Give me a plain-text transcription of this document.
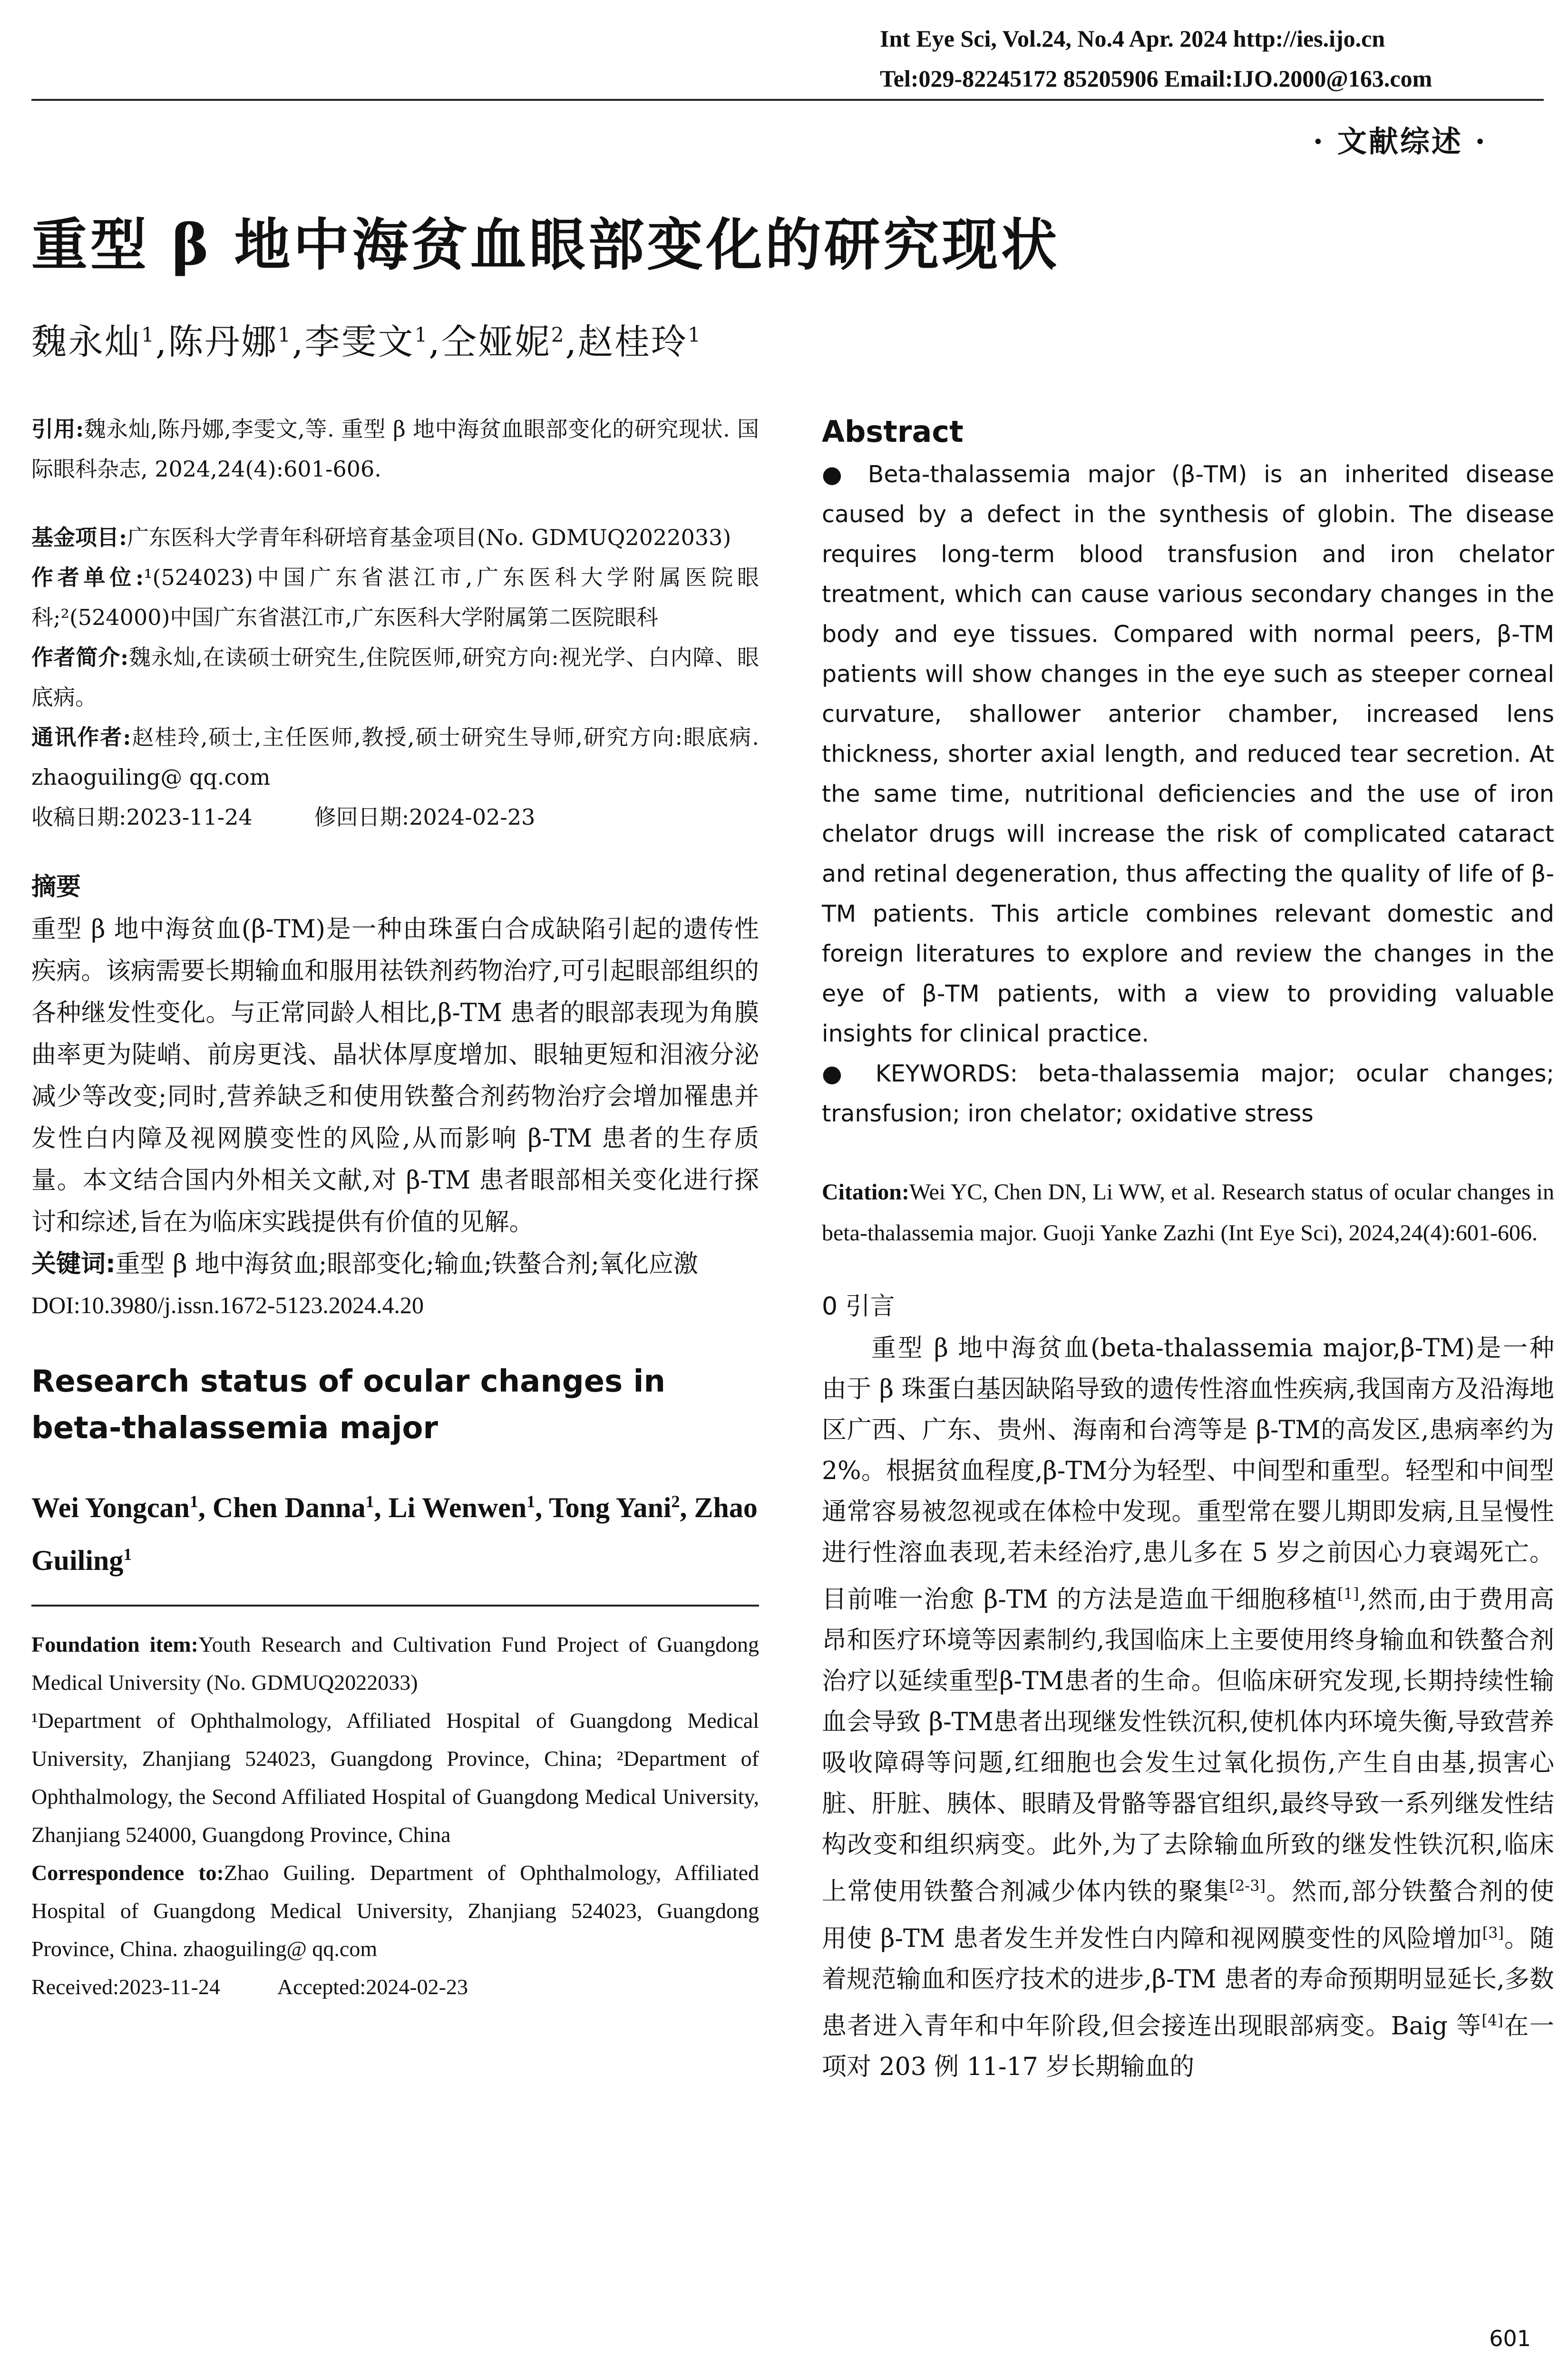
Int Eye Sci, Vol.24, No.4 Apr. 2024 http://ies.ijo.cn
Tel:029-82245172 85205906 Email:IJO.2000@163.com
· 文献综述 ·
重型 β 地中海贫血眼部变化的研究现状
魏永灿$^1$,陈丹娜$^1$,李雯文$^1$,仝娅妮$^2$,赵桂玲$^1$

引用:魏永灿,陈丹娜,李雯文,等. 重型 β 地中海贫血眼部变化的研究现状. 国际眼科杂志, 2024,24(4):601-606.

基金项目:广东医科大学青年科研培育基金项目(No. GDMUQ2022033)

作者单位:¹(524023)中国广东省湛江市,广东医科大学附属医院眼科;²(524000)中国广东省湛江市,广东医科大学附属第二医院眼科

作者简介:魏永灿,在读硕士研究生,住院医师,研究方向:视光学、白内障、眼底病。

通讯作者:赵桂玲,硕士,主任医师,教授,硕士研究生导师,研究方向:眼底病. zhaoguiling@ qq.com

收稿日期:2023-11-24	修回日期:2024-02-23

摘要

重型 β 地中海贫血(β-TM)是一种由珠蛋白合成缺陷引起的遗传性疾病。该病需要长期输血和服用祛铁剂药物治疗,可引起眼部组织的各种继发性变化。与正常同龄人相比,β-TM 患者的眼部表现为角膜曲率更为陡峭、前房更浅、晶状体厚度增加、眼轴更短和泪液分泌减少等改变;同时,营养缺乏和使用铁螯合剂药物治疗会增加罹患并发性白内障及视网膜变性的风险,从而影响 β-TM 患者的生存质量。本文结合国内外相关文献,对 β-TM 患者眼部相关变化进行探讨和综述,旨在为临床实践提供有价值的见解。

关键词:重型 β 地中海贫血;眼部变化;输血;铁螯合剂;氧化应激

DOI:10.3980/j.issn.1672-5123.2024.4.20

Research status of ocular changes in beta-thalassemia major
Wei Yongcan$^1$, Chen Danna$^1$, Li Wenwen$^1$, Tong Yani$^2$, Zhao Guiling$^1$

Foundation item:Youth Research and Cultivation Fund Project of Guangdong Medical University (No. GDMUQ2022033)

¹Department of Ophthalmology, Affiliated Hospital of Guangdong Medical University, Zhanjiang 524023, Guangdong Province, China; ²Department of Ophthalmology, the Second Affiliated Hospital of Guangdong Medical University, Zhanjiang 524000, Guangdong Province, China

Correspondence to:Zhao Guiling. Department of Ophthalmology, Affiliated Hospital of Guangdong Medical University, Zhanjiang 524023, Guangdong Province, China. zhaoguiling@ qq.com

Received:2023-11-24	Accepted:2024-02-23

Abstract

● Beta-thalassemia major (β-TM) is an inherited disease caused by a defect in the synthesis of globin. The disease requires long-term blood transfusion and iron chelator treatment, which can cause various secondary changes in the body and eye tissues. Compared with normal peers, β-TM patients will show changes in the eye such as steeper corneal curvature, shallower anterior chamber, increased lens thickness, shorter axial length, and reduced tear secretion. At the same time, nutritional deficiencies and the use of iron chelator drugs will increase the risk of complicated cataract and retinal degeneration, thus affecting the quality of life of β-TM patients. This article combines relevant domestic and foreign literatures to explore and review the changes in the eye of β-TM patients, with a view to providing valuable insights for clinical practice.

● KEYWORDS: beta-thalassemia major; ocular changes; transfusion; iron chelator; oxidative stress

Citation:Wei YC, Chen DN, Li WW, et al. Research status of ocular changes in beta-thalassemia major. Guoji Yanke Zazhi (Int Eye Sci), 2024,24(4):601-606.

0 引言

重型 β 地中海贫血(beta-thalassemia major,β-TM)是一种由于 β 珠蛋白基因缺陷导致的遗传性溶血性疾病,我国南方及沿海地区广西、广东、贵州、海南和台湾等是 β-TM的高发区,患病率约为 2%。根据贫血程度,β-TM分为轻型、中间型和重型。轻型和中间型通常容易被忽视或在体检中发现。重型常在婴儿期即发病,且呈慢性进行性溶血表现,若未经治疗,患儿多在 5 岁之前因心力衰竭死亡。目前唯一治愈 β-TM 的方法是造血干细胞移植[1],然而,由于费用高昂和医疗环境等因素制约,我国临床上主要使用终身输血和铁螯合剂治疗以延续重型β-TM患者的生命。但临床研究发现,长期持续性输血会导致 β-TM患者出现继发性铁沉积,使机体内环境失衡,导致营养吸收障碍等问题,红细胞也会发生过氧化损伤,产生自由基,损害心脏、肝脏、胰体、眼睛及骨骼等器官组织,最终导致一系列继发性结构改变和组织病变。此外,为了去除输血所致的继发性铁沉积,临床上常使用铁螯合剂减少体内铁的聚集[2-3]。然而,部分铁螯合剂的使用使 β-TM 患者发生并发性白内障和视网膜变性的风险增加[3]。随着规范输血和医疗技术的进步,β-TM 患者的寿命预期明显延长,多数患者进入青年和中年阶段,但会接连出现眼部病变。Baig 等[4]在一项对 203 例 11-17 岁长期输血的

601
